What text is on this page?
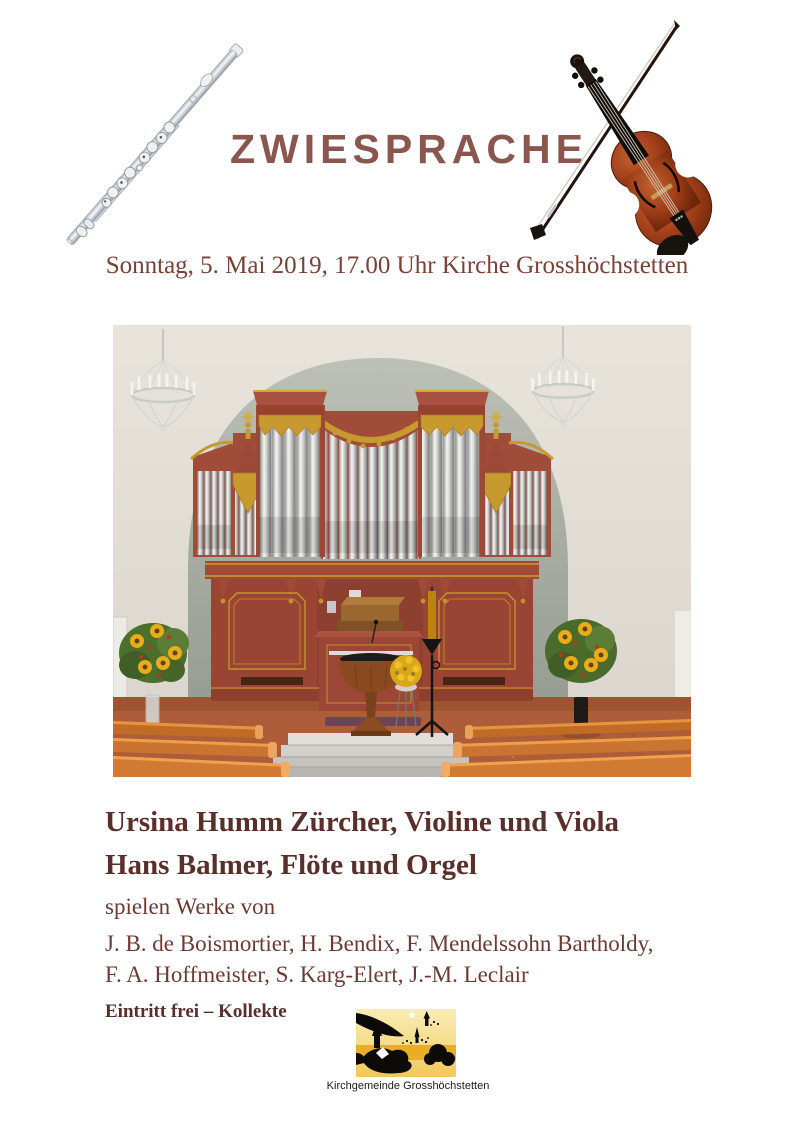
ZWIESPRACHE
Sonntag, 5. Mai 2019, 17.00 Uhr Kirche Grosshöchstetten
Ursina Humm Zürcher, Violine und Viola
Hans Balmer, Flöte und Orgel
spielen Werke von
J. B. de Boismortier, H. Bendix, F. Mendelssohn Bartholdy,
F. A. Hoffmeister, S. Karg-Elert, J.-M. Leclair
Eintritt frei – Kollekte
Kirchgemeinde Grosshöchstetten
